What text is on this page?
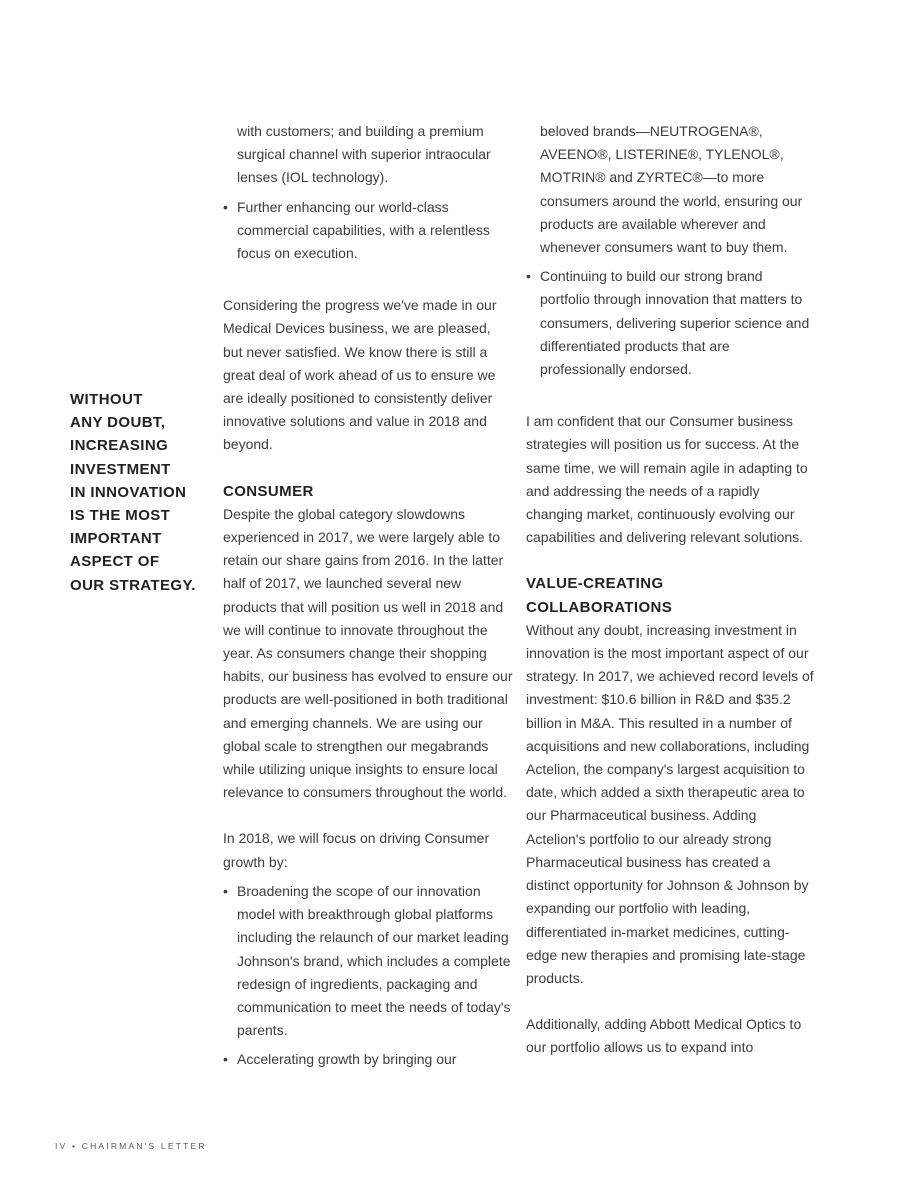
WITHOUT
ANY DOUBT,
INCREASING
INVESTMENT
IN INNOVATION
IS THE MOST
IMPORTANT
ASPECT OF
OUR STRATEGY.

with customers; and building a premium surgical channel with superior intraocular lenses (IOL technology).

• Further enhancing our world-class commercial capabilities, with a relentless focus on execution.

Considering the progress we've made in our Medical Devices business, we are pleased, but never satisfied. We know there is still a great deal of work ahead of us to ensure we are ideally positioned to consistently deliver innovative solutions and value in 2018 and beyond.

CONSUMER

Despite the global category slowdowns experienced in 2017, we were largely able to retain our share gains from 2016. In the latter half of 2017, we launched several new products that will position us well in 2018 and we will continue to innovate throughout the year. As consumers change their shopping habits, our business has evolved to ensure our products are well-positioned in both traditional and emerging channels. We are using our global scale to strengthen our megabrands while utilizing unique insights to ensure local relevance to consumers throughout the world.

In 2018, we will focus on driving Consumer growth by:

• Broadening the scope of our innovation model with breakthrough global platforms including the relaunch of our market leading Johnson's brand, which includes a complete redesign of ingredients, packaging and communication to meet the needs of today's parents.
• Accelerating growth by bringing our

beloved brands—NEUTROGENA®, AVEENO®, LISTERINE®, TYLENOL®, MOTRIN® and ZYRTEC®—to more consumers around the world, ensuring our products are available wherever and whenever consumers want to buy them.

• Continuing to build our strong brand portfolio through innovation that matters to consumers, delivering superior science and differentiated products that are professionally endorsed.

I am confident that our Consumer business strategies will position us for success. At the same time, we will remain agile in adapting to and addressing the needs of a rapidly changing market, continuously evolving our capabilities and delivering relevant solutions.

VALUE-CREATING COLLABORATIONS

Without any doubt, increasing investment in innovation is the most important aspect of our strategy. In 2017, we achieved record levels of investment: $10.6 billion in R&D and $35.2 billion in M&A. This resulted in a number of acquisitions and new collaborations, including Actelion, the company's largest acquisition to date, which added a sixth therapeutic area to our Pharmaceutical business. Adding Actelion's portfolio to our already strong Pharmaceutical business has created a distinct opportunity for Johnson & Johnson by expanding our portfolio with leading, differentiated in-market medicines, cutting-edge new therapies and promising late-stage products.

Additionally, adding Abbott Medical Optics to our portfolio allows us to expand into

IV • CHAIRMAN'S LETTER
